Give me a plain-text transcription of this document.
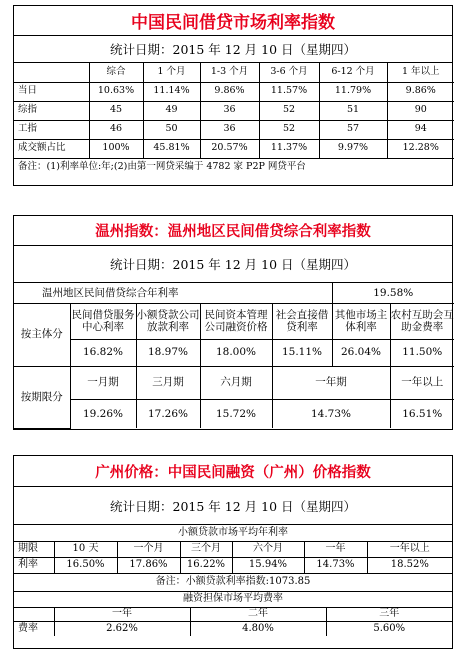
中国民间借贷市场利率指数
统计日期：2015 年 12 月 10 日（星期四）
	综合	1 个月	1-3 个月	3-6 个月	6-12 个月	1 年以上
当日	10.63%	11.14%	9.86%	11.57%	11.79%	9.86%
综指	45	49	36	52	51	90
工指	46	50	36	52	57	94
成交额占比	100%	45.81%	20.57%	11.37%	9.97%	12.28%
备注：(1)利率单位:年;(2)由第一网贷采编于 4782 家 P2P 网贷平台						
温州指数：温州地区民间借贷综合利率指数
统计日期：2015 年 12 月 10 日（星期四）
温州地区民间借贷综合年利率					19.58%	
按主体分	民间借贷服务中心利率	小额贷款公司放款利率	民间资本管理公司融资价格	社会直接借贷利率	其他市场主体利率	农村互助会互助金费率
	16.82%	18.97%	18.00%	15.11%	26.04%	11.50%
按期限分	一月期	三月期	六月期	一年期		一年以上
	19.26%	17.26%	15.72%	14.73%		16.51%
广州价格：中国民间融资（广州）价格指数
统计日期：2015 年 12 月 10 日（星期四）
小额贷款市场平均年利率								
期限	10 天	一个月	三个月		六个月	一年		一年以上
利率	16.50%	17.86%	16.22%		15.94%	14.73%		18.52%
备注：小额贷款利率指数:1073.85								
融资担保市场平均费率								
	一年			二年			三年	
费率	2.62%			4.80%			5.60%	
